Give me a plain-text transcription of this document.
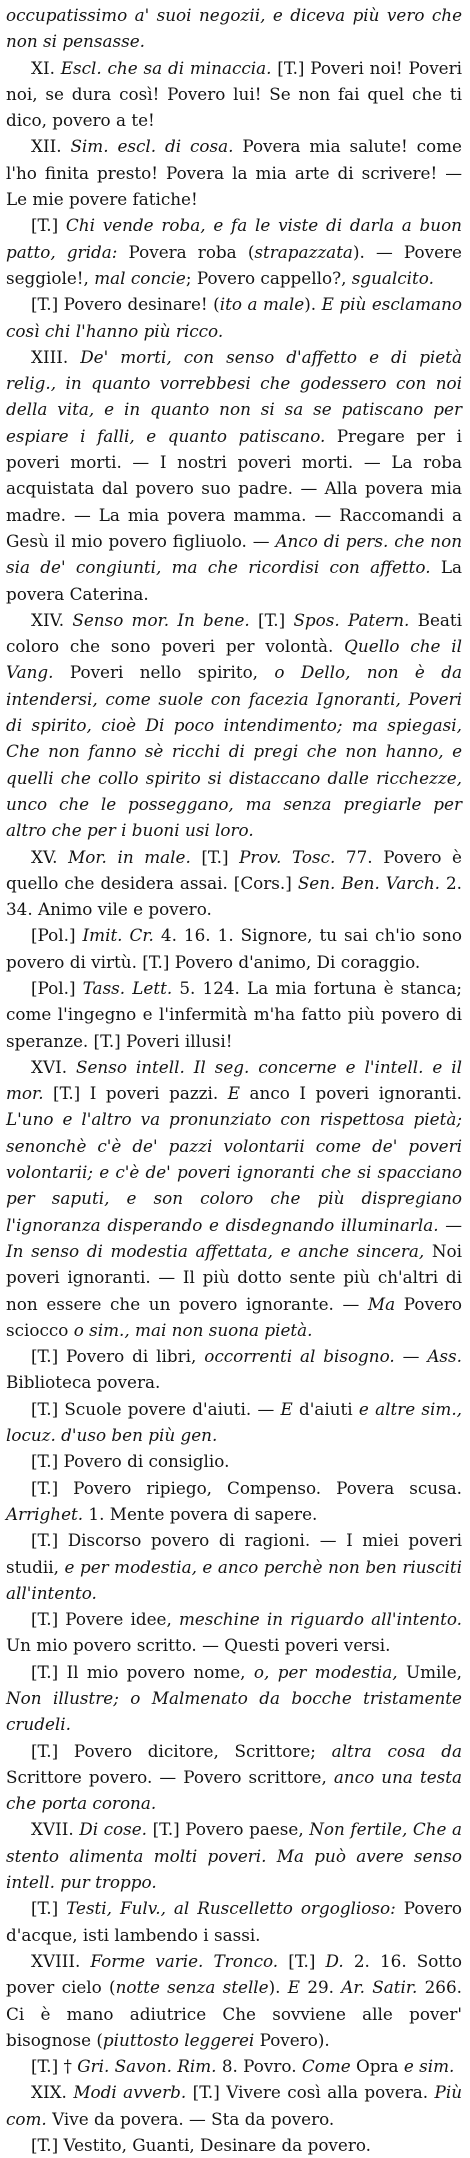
occupatissimo a' suoi negozii, e diceva più vero che non si pensasse.

XI. Escl. che sa di minaccia. [T.] Poveri noi! Poveri noi, se dura così! Povero lui! Se non fai quel che ti dico, povero a te!

XII. Sim. escl. di cosa. Povera mia salute! come l'ho finita presto! Povera la mia arte di scrivere! — Le mie povere fatiche!

[T.] Chi vende roba, e fa le viste di darla a buon patto, grida: Povera roba (strapazzata). — Povere seggiole!, mal concie; Povero cappello?, sgualcito.

[T.] Povero desinare! (ito a male). E più esclamano così chi l'hanno più ricco.

XIII. De' morti, con senso d'affetto e di pietà relig., in quanto vorrebbesi che godessero con noi della vita, e in quanto non si sa se patiscano per espiare i falli, e quanto patiscano. Pregare per i poveri morti. — I nostri poveri morti. — La roba acquistata dal povero suo padre. — Alla povera mia madre. — La mia povera mamma. — Raccomandi a Gesù il mio povero figliuolo. — Anco di pers. che non sia de' congiunti, ma che ricordisi con affetto. La povera Caterina.

XIV. Senso mor. In bene. [T.] Spos. Patern. Beati coloro che sono poveri per volontà. Quello che il Vang. Poveri nello spirito, o Dello, non è da intendersi, come suole con facezia Ignoranti, Poveri di spirito, cioè Di poco intendimento; ma spiegasi, Che non fanno sè ricchi di pregi che non hanno, e quelli che collo spirito si distaccano dalle ricchezze, unco che le posseggano, ma senza pregiarle per altro che per i buoni usi loro.

XV. Mor. in male. [T.] Prov. Tosc. 77. Povero è quello che desidera assai. [Cors.] Sen. Ben. Varch. 2. 34. Animo vile e povero.

[Pol.] Imit. Cr. 4. 16. 1. Signore, tu sai ch'io sono povero di virtù. [T.] Povero d'animo, Di coraggio.

[Pol.] Tass. Lett. 5. 124. La mia fortuna è stanca; come l'ingegno e l'infermità m'ha fatto più povero di speranze. [T.] Poveri illusi!

XVI. Senso intell. Il seg. concerne e l'intell. e il mor. [T.] I poveri pazzi. E anco I poveri ignoranti. L'uno e l'altro va pronunziato con rispettosa pietà; senonchè c'è de' pazzi volontarii come de' poveri volontarii; e c'è de' poveri ignoranti che si spacciano per saputi, e son coloro che più dispregiano l'ignoranza disperando e disdegnando illuminarla. — In senso di modestia affettata, e anche sincera, Noi poveri ignoranti. — Il più dotto sente più ch'altri di non essere che un povero ignorante. — Ma Povero sciocco o sim., mai non suona pietà.

[T.] Povero di libri, occorrenti al bisogno. — Ass. Biblioteca povera.

[T.] Scuole povere d'aiuti. — E d'aiuti e altre sim., locuz. d'uso ben più gen.

[T.] Povero di consiglio.

[T.] Povero ripiego, Compenso. Povera scusa. Arrighet. 1. Mente povera di sapere.

[T.] Discorso povero di ragioni. — I miei poveri studii, e per modestia, e anco perchè non ben riusciti all'intento.

[T.] Povere idee, meschine in riguardo all'intento. Un mio povero scritto. — Questi poveri versi.

[T.] Il mio povero nome, o, per modestia, Umile, Non illustre; o Malmenato da bocche tristamente crudeli.

[T.] Povero dicitore, Scrittore; altra cosa da Scrittore povero. — Povero scrittore, anco una testa che porta corona.

XVII. Di cose. [T.] Povero paese, Non fertile, Che a stento alimenta molti poveri. Ma può avere senso intell. pur troppo.

[T.] Testi, Fulv., al Ruscelletto orgoglioso: Povero d'acque, isti lambendo i sassi.

XVIII. Forme varie. Tronco. [T.] D. 2. 16. Sotto pover cielo (notte senza stelle). E 29. Ar. Satir. 266. Ci è mano adiutrice Che sovviene alle pover' bisognose (piuttosto leggerei Povero).

[T.] † Gri. Savon. Rim. 8. Povro. Come Opra e sim.

XIX. Modi avverb. [T.] Vivere così alla povera. Più com. Vive da povera. — Sta da povero.

[T.] Vestito, Guanti, Desinare da povero.
